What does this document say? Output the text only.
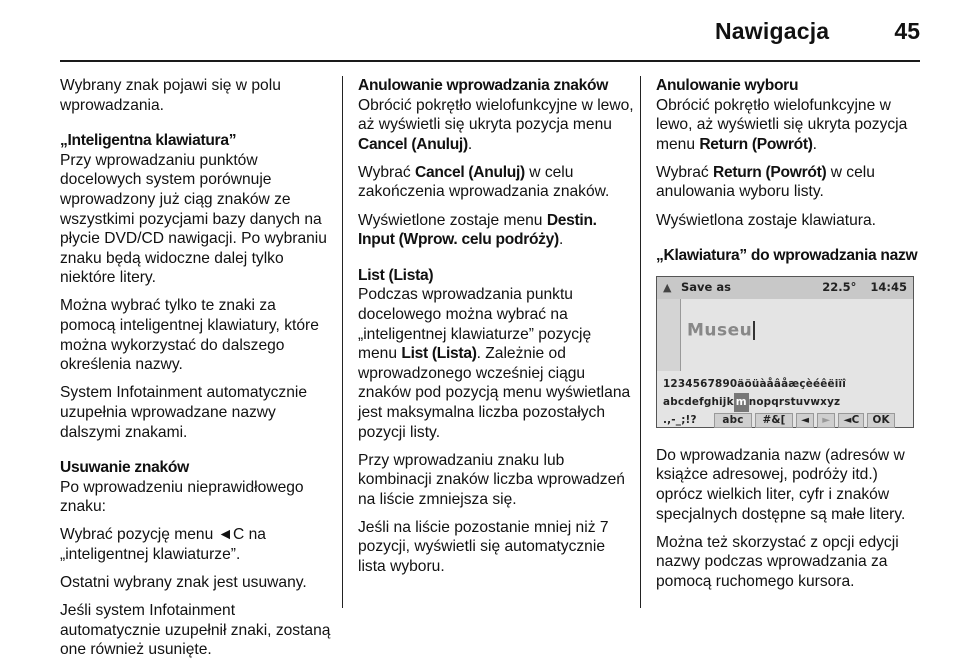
Nawigacja	45

Wybrany znak pojawi się w polu wprowadzania.

„Inteligentna klawiatura”

Przy wprowadzaniu punktów docelowych system porównuje wprowadzony już ciąg znaków ze wszystkimi pozycjami bazy danych na płycie DVD/CD nawigacji. Po wybraniu znaku będą widoczne dalej tylko niektóre litery.

Można wybrać tylko te znaki za pomocą inteligentnej klawiatury, które można wykorzystać do dalszego określenia nazwy.

System Infotainment automatycznie uzupełnia wprowadzane nazwy dalszymi znakami.

Usuwanie znaków

Po wprowadzeniu nieprawidłowego znaku:

Wybrać pozycję menu ◄C na „inteligentnej klawiaturze”.

Ostatni wybrany znak jest usuwany.

Jeśli system Infotainment automatycznie uzupełnił znaki, zostaną one również usunięte.

Anulowanie wprowadzania znaków

Obrócić pokrętło wielofunkcyjne w lewo, aż wyświetli się ukryta pozycja menu Cancel (Anuluj).

Wybrać Cancel (Anuluj) w celu zakończenia wprowadzania znaków.

Wyświetlone zostaje menu Destin. Input (Wprow. celu podróży).

List (Lista)

Podczas wprowadzania punktu docelowego można wybrać na „inteligentnej klawiaturze” pozycję menu List (Lista). Zależnie od wprowadzonego wcześniej ciągu znaków pod pozycją menu wyświetlana jest maksymalna liczba pozostałych pozycji listy.

Przy wprowadzaniu znaku lub kombinacji znaków liczba wprowadzeń na liście zmniejsza się.

Jeśli na liście pozostanie mniej niż 7 pozycji, wyświetli się automatycznie lista wyboru.

Anulowanie wyboru

Obrócić pokrętło wielofunkcyjne w lewo, aż wyświetli się ukryta pozycja menu Return (Powrót).

Wybrać Return (Powrót) w celu anulowania wyboru listy.

Wyświetlona zostaje klawiatura.

„Klawiatura” do wprowadzania nazw
▲ Save as	22.5° 14:45
Museu
1234567890äöüàåâåæçèéêëiïî
abcdefghijk m nopqrstuvwxyz
.,-_;!?	abc	#&[	◄	►	◄C	OK

Do wprowadzania nazw (adresów w książce adresowej, podróży itd.) oprócz wielkich liter, cyfr i znaków specjalnych dostępne są małe litery.

Można też skorzystać z opcji edycji nazwy podczas wprowadzania za pomocą ruchomego kursora.
